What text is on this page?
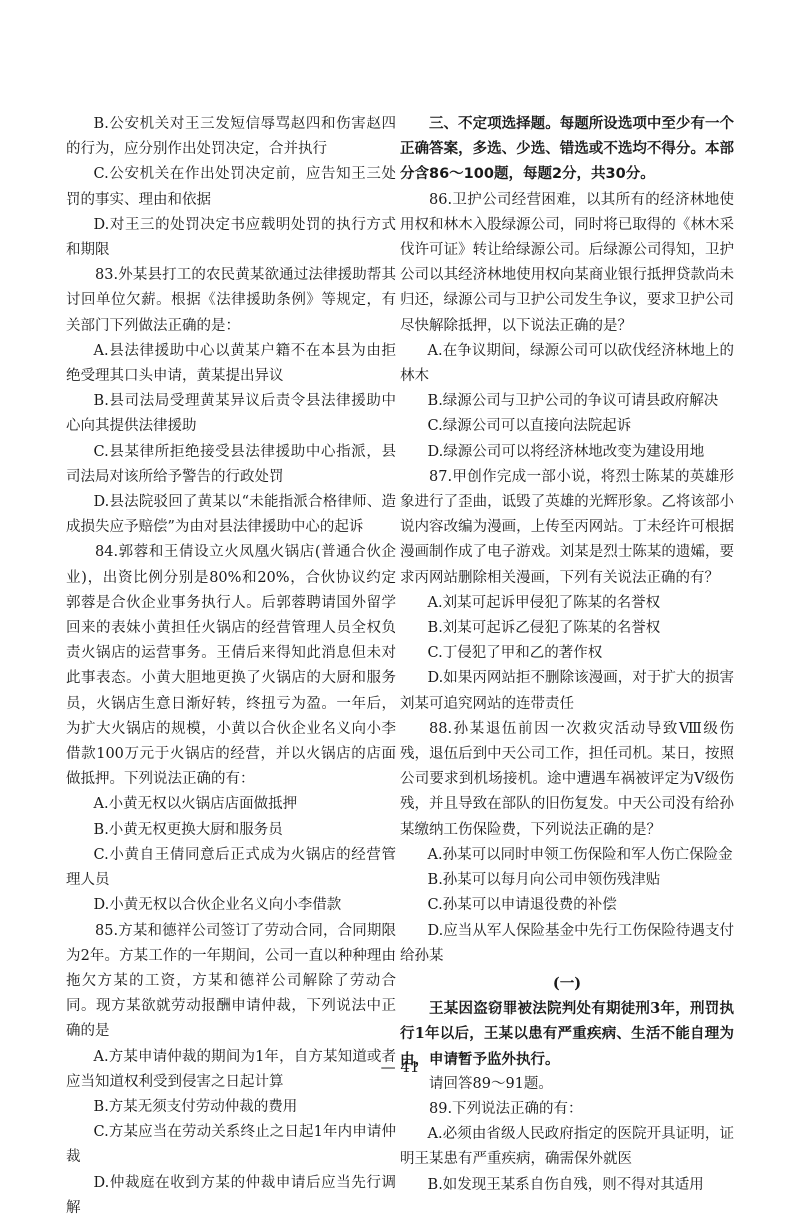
B.公安机关对王三发短信辱骂赵四和伤害赵四的行为，应分别作出处罚决定，合并执行

C.公安机关在作出处罚决定前，应告知王三处罚的事实、理由和依据

D.对王三的处罚决定书应载明处罚的执行方式和期限

83.外某县打工的农民黄某欲通过法律援助帮其讨回单位欠薪。根据《法律援助条例》等规定，有关部门下列做法正确的是：

A.县法律援助中心以黄某户籍不在本县为由拒绝受理其口头申请，黄某提出异议

B.县司法局受理黄某异议后责令县法律援助中心向其提供法律援助

C.县某律所拒绝接受县法律援助中心指派，县司法局对该所给予警告的行政处罚

D.县法院驳回了黄某以“未能指派合格律师、造成损失应予赔偿”为由对县法律援助中心的起诉

84.郭蓉和王倩设立火凤凰火锅店(普通合伙企业)，出资比例分别是80%和20%，合伙协议约定郭蓉是合伙企业事务执行人。后郭蓉聘请国外留学回来的表妹小黄担任火锅店的经营管理人员全权负责火锅店的运营事务。王倩后来得知此消息但未对此事表态。小黄大胆地更换了火锅店的大厨和服务员，火锅店生意日渐好转，终扭亏为盈。一年后，为扩大火锅店的规模，小黄以合伙企业名义向小李借款100万元于火锅店的经营，并以火锅店的店面做抵押。下列说法正确的有：

A.小黄无权以火锅店店面做抵押

B.小黄无权更换大厨和服务员

C.小黄自王倩同意后正式成为火锅店的经营管理人员

D.小黄无权以合伙企业名义向小李借款

85.方某和德祥公司签订了劳动合同，合同期限为2年。方某工作的一年期间，公司一直以种种理由拖欠方某的工资，方某和德祥公司解除了劳动合同。现方某欲就劳动报酬申请仲裁，下列说法中正确的是

A.方某申请仲裁的期间为1年，自方某知道或者应当知道权利受到侵害之日起计算

B.方某无须支付劳动仲裁的费用

C.方某应当在劳动关系终止之日起1年内申请仲裁

D.仲裁庭在收到方某的仲裁申请后应当先行调解

三、不定项选择题。每题所设选项中至少有一个正确答案，多选、少选、错选或不选均不得分。本部分含86～100题，每题2分，共30分。

86.卫护公司经营困难，以其所有的经济林地使用权和林木入股绿源公司，同时将已取得的《林木采伐许可证》转让给绿源公司。后绿源公司得知，卫护公司以其经济林地使用权向某商业银行抵押贷款尚未归还，绿源公司与卫护公司发生争议，要求卫护公司尽快解除抵押，以下说法正确的是？

A.在争议期间，绿源公司可以砍伐经济林地上的林木

B.绿源公司与卫护公司的争议可请县政府解决

C.绿源公司可以直接向法院起诉

D.绿源公司可以将经济林地改变为建设用地

87.甲创作完成一部小说，将烈士陈某的英雄形象进行了歪曲，诋毁了英雄的光辉形象。乙将该部小说内容改编为漫画，上传至丙网站。丁未经许可根据漫画制作成了电子游戏。刘某是烈士陈某的遗孀，要求丙网站删除相关漫画，下列有关说法正确的有？

A.刘某可起诉甲侵犯了陈某的名誉权

B.刘某可起诉乙侵犯了陈某的名誉权

C.丁侵犯了甲和乙的著作权

D.如果丙网站拒不删除该漫画，对于扩大的损害刘某可追究网站的连带责任

88.孙某退伍前因一次救灾活动导致Ⅷ级伤残，退伍后到中天公司工作，担任司机。某日，按照公司要求到机场接机。途中遭遇车祸被评定为Ⅴ级伤残，并且导致在部队的旧伤复发。中天公司没有给孙某缴纳工伤保险费，下列说法正确的是？

A.孙某可以同时申领工伤保险和军人伤亡保险金

B.孙某可以每月向公司申领伤残津贴

C.孙某可以申请退役费的补偿

D.应当从军人保险基金中先行工伤保险待遇支付给孙某

(一)

王某因盗窃罪被法院判处有期徒刑3年，刑罚执行1年以后，王某以患有严重疾病、生活不能自理为由，申请暂予监外执行。

请回答89～91题。

89.下列说法正确的有：

A.必须由省级人民政府指定的医院开具证明，证明王某患有严重疾病，确需保外就医

B.如发现王某系自伤自残，则不得对其适用

— 41
